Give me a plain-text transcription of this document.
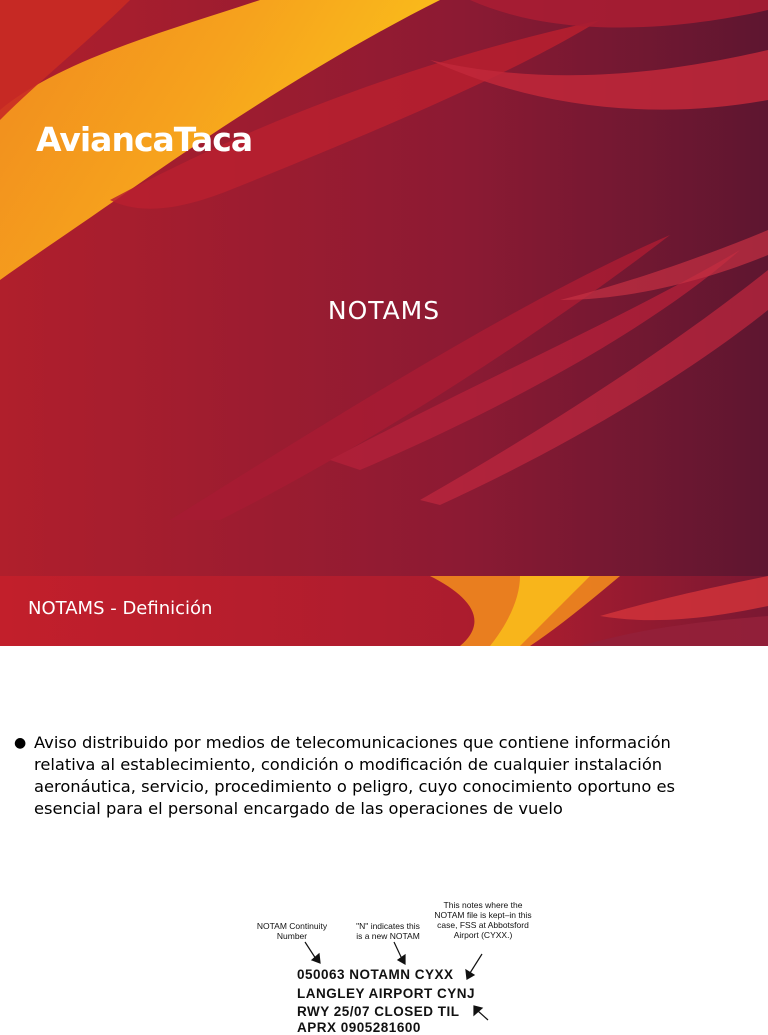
AviancaTaca
NOTAMS
NOTAMS - Definición
● Aviso distribuido por medios de telecomunicaciones que contiene información relativa al establecimiento, condición o modificación de cualquier instalación aeronáutica, servicio, procedimiento o peligro, cuyo conocimiento oportuno es esencial para el personal encargado de las operaciones de vuelo
NOTAM Continuity
Number
"N" indicates this
is a new NOTAM
This notes where the
NOTAM file is kept–in this
case, FSS at Abbotsford
Airport (CYXX.)
050063 NOTAMN CYXX
LANGLEY AIRPORT CYNJ
RWY 25/07 CLOSED TIL
APRX 0905281600
